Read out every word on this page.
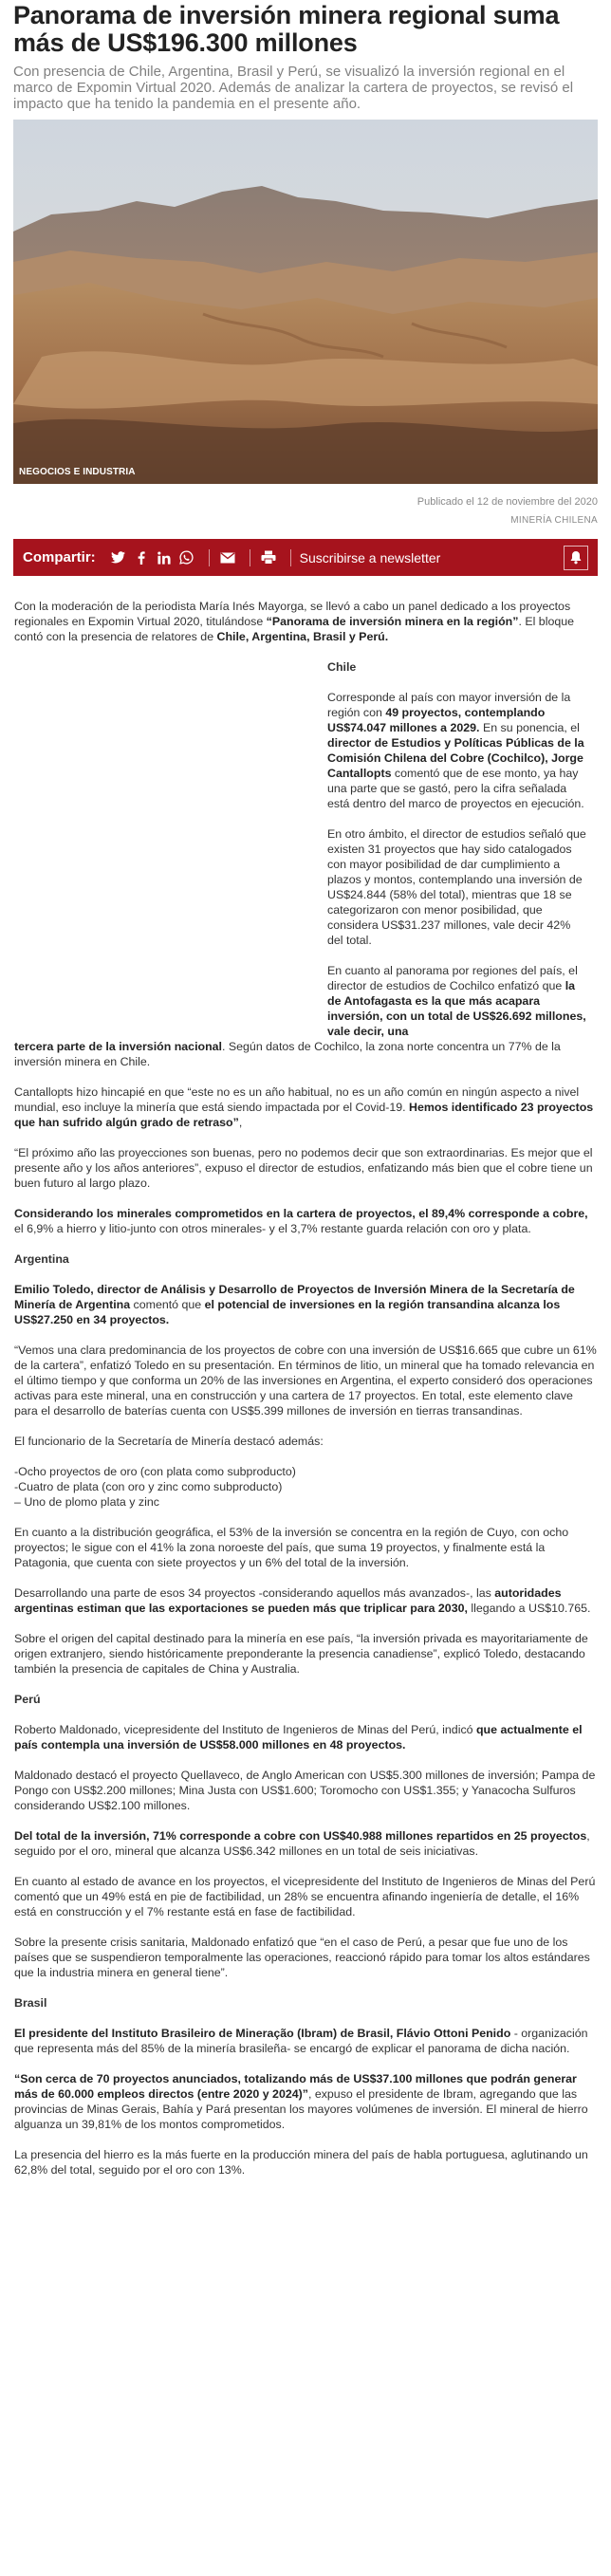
Panorama de inversión minera regional suma más de US$196.300 millones

Con presencia de Chile, Argentina, Brasil y Perú, se visualizó la inversión regional en el marco de Expomin Virtual 2020. Además de analizar la cartera de proyectos, se revisó el impacto que ha tenido la pandemia en el presente año.

NEGOCIOS E INDUSTRIA
Publicado el 12 de noviembre del 2020
MINERÍA CHILENA
Compartir:	Suscribirse a newsletter

Con la moderación de la periodista María Inés Mayorga, se llevó a cabo un panel dedicado a los proyectos regionales en Expomin Virtual 2020, titulándose “Panorama de inversión minera en la región”. El bloque contó con la presencia de relatores de Chile, Argentina, Brasil y Perú.

Chile

Corresponde al país con mayor inversión de la región con 49 proyectos, contemplando US$74.047 millones a 2029. En su ponencia, el director de Estudios y Políticas Públicas de la Comisión Chilena del Cobre (Cochilco), Jorge Cantallopts comentó que de ese monto, ya hay una parte que se gastó, pero la cifra señalada está dentro del marco de proyectos en ejecución.

En otro ámbito, el director de estudios señaló que existen 31 proyectos que hay sido catalogados con mayor posibilidad de dar cumplimiento a plazos y montos, contemplando una inversión de US$24.844 (58% del total), mientras que 18 se categorizaron con menor posibilidad, que considera US$31.237 millones, vale decir 42% del total.

En cuanto al panorama por regiones del país, el director de estudios de Cochilco enfatizó que la de Antofagasta es la que más acapara inversión, con un total de US$26.692 millones, vale decir, una

tercera parte de la inversión nacional. Según datos de Cochilco, la zona norte concentra un 77% de la inversión minera en Chile.

Cantallopts hizo hincapié en que “este no es un año habitual, no es un año común en ningún aspecto a nivel mundial, eso incluye la minería que está siendo impactada por el Covid-19. Hemos identificado 23 proyectos que han sufrido algún grado de retraso”,

“El próximo año las proyecciones son buenas, pero no podemos decir que son extraordinarias. Es mejor que el presente año y los años anteriores”, expuso el director de estudios, enfatizando más bien que el cobre tiene un buen futuro al largo plazo.

Considerando los minerales comprometidos en la cartera de proyectos, el 89,4% corresponde a cobre, el 6,9% a hierro y litio-junto con otros minerales- y el 3,7% restante guarda relación con oro y plata.

Argentina

Emilio Toledo, director de Análisis y Desarrollo de Proyectos de Inversión Minera de la Secretaría de Minería de Argentina comentó que el potencial de inversiones en la región transandina alcanza los US$27.250 en 34 proyectos.

“Vemos una clara predominancia de los proyectos de cobre con una inversión de US$16.665 que cubre un 61% de la cartera”, enfatizó Toledo en su presentación. En términos de litio, un mineral que ha tomado relevancia en el último tiempo y que conforma un 20% de las inversiones en Argentina, el experto consideró dos operaciones activas para este mineral, una en construcción y una cartera de 17 proyectos. En total, este elemento clave para el desarrollo de baterías cuenta con US$5.399 millones de inversión en tierras transandinas.

El funcionario de la Secretaría de Minería destacó además:

-Ocho proyectos de oro (con plata como subproducto)

-Cuatro de plata (con oro y zinc como subproducto)

– Uno de plomo plata y zinc

En cuanto a la distribución geográfica, el 53% de la inversión se concentra en la región de Cuyo, con ocho proyectos; le sigue con el 41% la zona noroeste del país, que suma 19 proyectos, y finalmente está la Patagonia, que cuenta con siete proyectos y un 6% del total de la inversión.

Desarrollando una parte de esos 34 proyectos -considerando aquellos más avanzados-, las autoridades argentinas estiman que las exportaciones se pueden más que triplicar para 2030, llegando a US$10.765.

Sobre el origen del capital destinado para la minería en ese país, “la inversión privada es mayoritariamente de origen extranjero, siendo históricamente preponderante la presencia canadiense”, explicó Toledo, destacando también la presencia de capitales de China y Australia.

Perú

Roberto Maldonado, vicepresidente del Instituto de Ingenieros de Minas del Perú, indicó que actualmente el país contempla una inversión de US$58.000 millones en 48 proyectos.

Maldonado destacó el proyecto Quellaveco, de Anglo American con US$5.300 millones de inversión; Pampa de Pongo con US$2.200 millones; Mina Justa con US$1.600; Toromocho con US$1.355; y Yanacocha Sulfuros considerando US$2.100 millones.

Del total de la inversión, 71% corresponde a cobre con US$40.988 millones repartidos en 25 proyectos, seguido por el oro, mineral que alcanza US$6.342 millones en un total de seis iniciativas.

En cuanto al estado de avance en los proyectos, el vicepresidente del Instituto de Ingenieros de Minas del Perú comentó que un 49% está en pie de factibilidad, un 28% se encuentra afinando ingeniería de detalle, el 16% está en construcción y el 7% restante está en fase de factibilidad.

Sobre la presente crisis sanitaria, Maldonado enfatizó que “en el caso de Perú, a pesar que fue uno de los países que se suspendieron temporalmente las operaciones, reaccionó rápido para tomar los altos estándares que la industria minera en general tiene”.

Brasil

El presidente del Instituto Brasileiro de Mineração (Ibram) de Brasil, Flávio Ottoni Penido - organización que representa más del 85% de la minería brasileña- se encargó de explicar el panorama de dicha nación.

“Son cerca de 70 proyectos anunciados, totalizando más de US$37.100 millones que podrán generar más de 60.000 empleos directos (entre 2020 y 2024)”, expuso el presidente de Ibram, agregando que las provincias de Minas Gerais, Bahía y Pará presentan los mayores volúmenes de inversión. El mineral de hierro alguanza un 39,81% de los montos comprometidos.

La presencia del hierro es la más fuerte en la producción minera del país de habla portuguesa, aglutinando un 62,8% del total, seguido por el oro con 13%.
